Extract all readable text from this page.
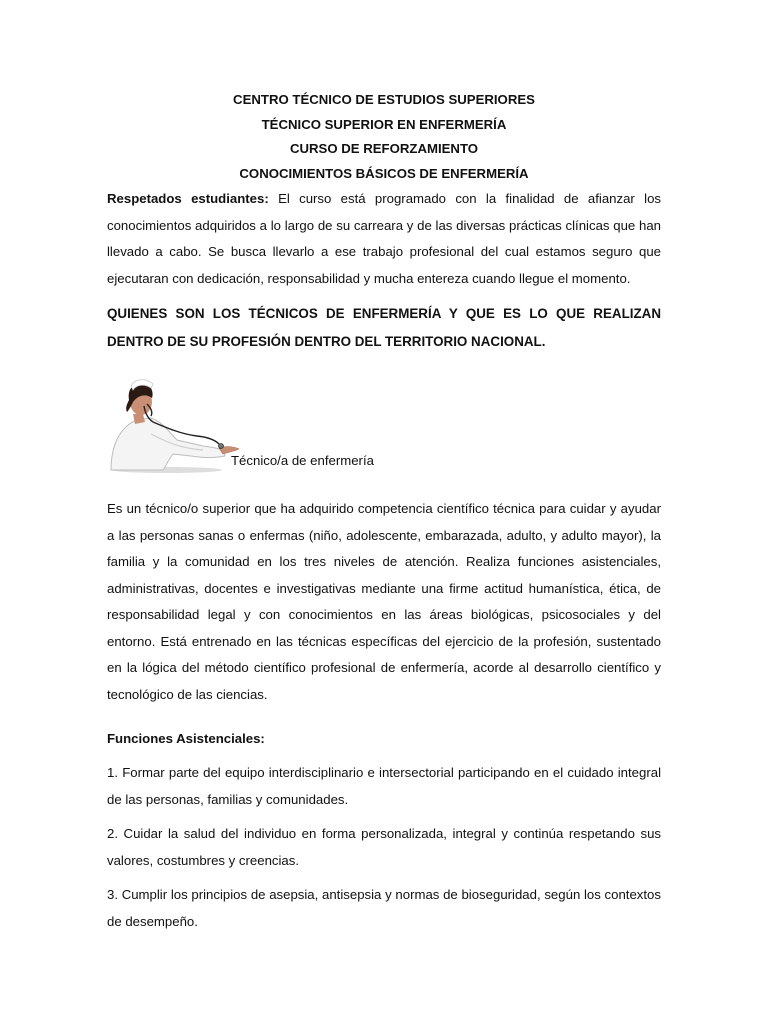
CENTRO TÉCNICO DE ESTUDIOS SUPERIORES
TÉCNICO SUPERIOR EN ENFERMERÍA
CURSO DE REFORZAMIENTO
CONOCIMIENTOS BÁSICOS DE ENFERMERÍA

Respetados estudiantes: El curso está programado con la finalidad de afianzar los conocimientos adquiridos a lo largo de su carreara y de las diversas prácticas clínicas que han llevado a cabo. Se busca llevarlo a ese trabajo profesional del cual estamos seguro que ejecutaran con dedicación, responsabilidad y mucha entereza cuando llegue el momento.

QUIENES SON LOS TÉCNICOS DE ENFERMERÍA Y QUE ES LO QUE REALIZAN DENTRO DE SU PROFESIÓN DENTRO DEL TERRITORIO NACIONAL.
Técnico/a de enfermería

Es un técnico/o superior que ha adquirido competencia científico técnica para cuidar y ayudar a las personas sanas o enfermas (niño, adolescente, embarazada, adulto, y adulto mayor), la familia y la comunidad en los tres niveles de atención. Realiza funciones asistenciales, administrativas, docentes e investigativas mediante una firme actitud humanística, ética, de responsabilidad legal y con conocimientos en las áreas biológicas, psicosociales y del entorno. Está entrenado en las técnicas específicas del ejercicio de la profesión, sustentado en la lógica del método científico profesional de enfermería, acorde al desarrollo científico y tecnológico de las ciencias.

Funciones Asistenciales:

1. Formar parte del equipo interdisciplinario e intersectorial participando en el cuidado integral de las personas, familias y comunidades.

2. Cuidar la salud del individuo en forma personalizada, integral y continúa respetando sus valores, costumbres y creencias.

3. Cumplir los principios de asepsia, antisepsia y normas de bioseguridad, según los contextos de desempeño.
